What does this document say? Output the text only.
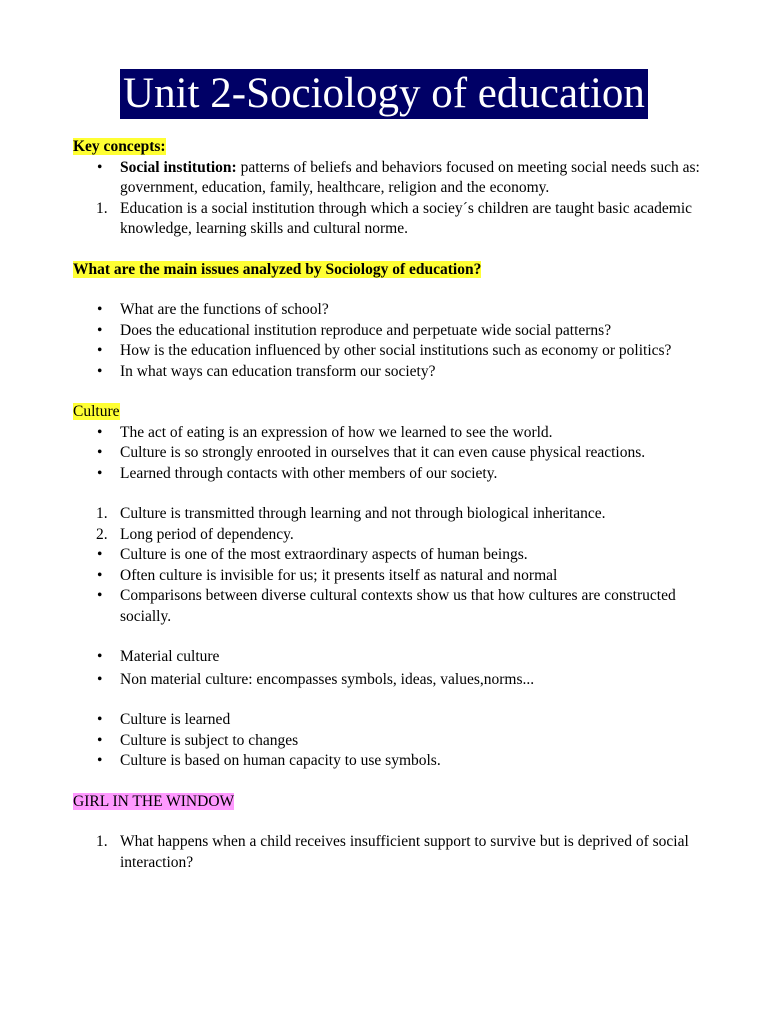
Unit 2-Sociology of education
Key concepts:
• Social institution: patterns of beliefs and behaviors focused on meeting social needs such as: government, education, family, healthcare, religion and the economy.
1. Education is a social institution through which a sociey´s children are taught basic academic knowledge, learning skills and cultural norme.
What are the main issues analyzed by Sociology of education?
• What are the functions of school?
• Does the educational institution reproduce and perpetuate wide social patterns?
• How is the education influenced by other social institutions such as economy or politics?
• In what ways can education transform our society?
Culture
• The act of eating is an expression of how we learned to see the world.
• Culture is so strongly enrooted in ourselves that it can even cause physical reactions.
• Learned through contacts with other members of our society.
1. Culture is transmitted through learning and not through biological inheritance.
2. Long period of dependency.
• Culture is one of the most extraordinary aspects of human beings.
• Often culture is invisible for us; it presents itself as natural and normal
• Comparisons between diverse cultural contexts show us that how cultures are constructed socially.
• Material culture
• Non material culture: encompasses symbols, ideas, values,norms...
• Culture is learned
• Culture is subject to changes
• Culture is based on human capacity to use symbols.
GIRL IN THE WINDOW
1. What happens when a child receives insufficient support to survive but is deprived of social interaction?
